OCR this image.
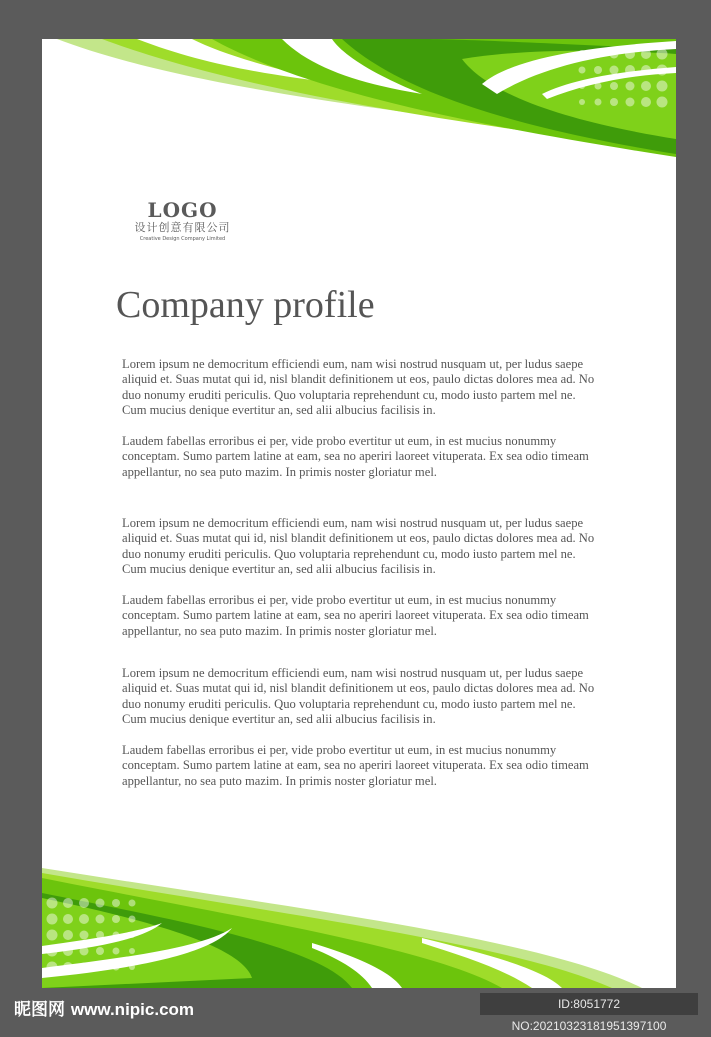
LOGO
设计创意有限公司
Creative Design Company Limited
Company profile

Lorem ipsum ne democritum efficiendi eum, nam wisi nostrud nusquam ut, per ludus saepe aliquid et. Suas mutat qui id, nisl blandit definitionem ut eos, paulo dictas dolores mea ad. No duo nonumy eruditi periculis. Quo voluptaria reprehendunt cu, modo iusto partem mel ne. Cum mucius denique evertitur an, sed alii albucius facilisis in.

Laudem fabellas erroribus ei per, vide probo evertitur ut eum, in est mucius nonummy conceptam. Sumo partem latine at eam, sea no aperiri laoreet vituperata. Ex sea odio timeam appellantur, no sea puto mazim. In primis noster gloriatur mel.

Lorem ipsum ne democritum efficiendi eum, nam wisi nostrud nusquam ut, per ludus saepe aliquid et. Suas mutat qui id, nisl blandit definitionem ut eos, paulo dictas dolores mea ad. No duo nonumy eruditi periculis. Quo voluptaria reprehendunt cu, modo iusto partem mel ne. Cum mucius denique evertitur an, sed alii albucius facilisis in.

Laudem fabellas erroribus ei per, vide probo evertitur ut eum, in est mucius nonummy conceptam. Sumo partem latine at eam, sea no aperiri laoreet vituperata. Ex sea odio timeam appellantur, no sea puto mazim. In primis noster gloriatur mel.

Lorem ipsum ne democritum efficiendi eum, nam wisi nostrud nusquam ut, per ludus saepe aliquid et. Suas mutat qui id, nisl blandit definitionem ut eos, paulo dictas dolores mea ad. No duo nonumy eruditi periculis. Quo voluptaria reprehendunt cu, modo iusto partem mel ne. Cum mucius denique evertitur an, sed alii albucius facilisis in.

Laudem fabellas erroribus ei per, vide probo evertitur ut eum, in est mucius nonummy conceptam. Sumo partem latine at eam, sea no aperiri laoreet vituperata. Ex sea odio timeam appellantur, no sea puto mazim. In primis noster gloriatur mel.

昵图网 www.nipic.com	ID:8051772 NO:20210323181951397100
